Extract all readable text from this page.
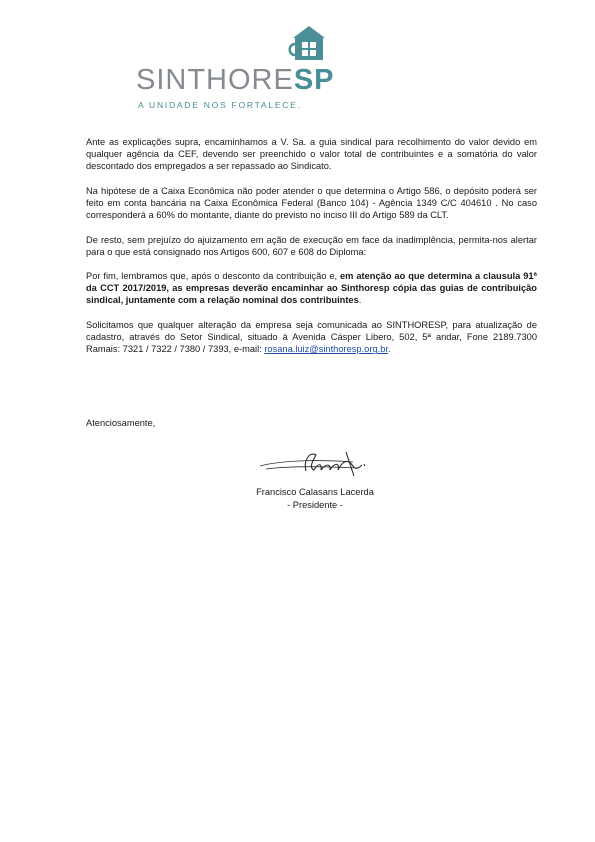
SINTHORESP
A UNIDADE NOS FORTALECE.

Ante as explicações supra, encaminhamos a V. Sa. a guia sindical para recolhimento do valor devido em qualquer agência da CEF, devendo ser preenchido o valor total de contribuintes e a somatória do valor descontado dos empregados a ser repassado ao Sindicato.

Na hipótese de a Caixa Econômica não poder atender o que determina o Artigo 586, o depósito poderá ser feito em conta bancária na Caixa Econômica Federal (Banco 104) - Agência 1349 C/C 404610 . No caso corresponderá a 60% do montante, diante do previsto no inciso III do Artigo 589 da CLT.

De resto, sem prejuízo do ajuizamento em ação de execução em face da inadimplência, permita-nos alertar para o que está consignado nos Artigos 600, 607 e 608 do Diploma:

Por fim, lembramos que, após o desconto da contribuição e, em atenção ao que determina a clausula 91ª da CCT 2017/2019, as empresas deverão encaminhar ao Sinthoresp cópia das guias de contribuição sindical, juntamente com a relação nominal dos contribuintes.

Solicitamos que qualquer alteração da empresa seja comunicada ao SINTHORESP, para atualização de cadastro, através do Setor Sindical, situado à Avenida Cásper Libero, 502, 5ª andar, Fone 2189.7300 Ramais: 7321 / 7322 / 7380 / 7393, e-mail: rosana.luiz@sinthoresp.org.br.

Atenciosamente,
Francisco Calasans Lacerda
- Presidente -
